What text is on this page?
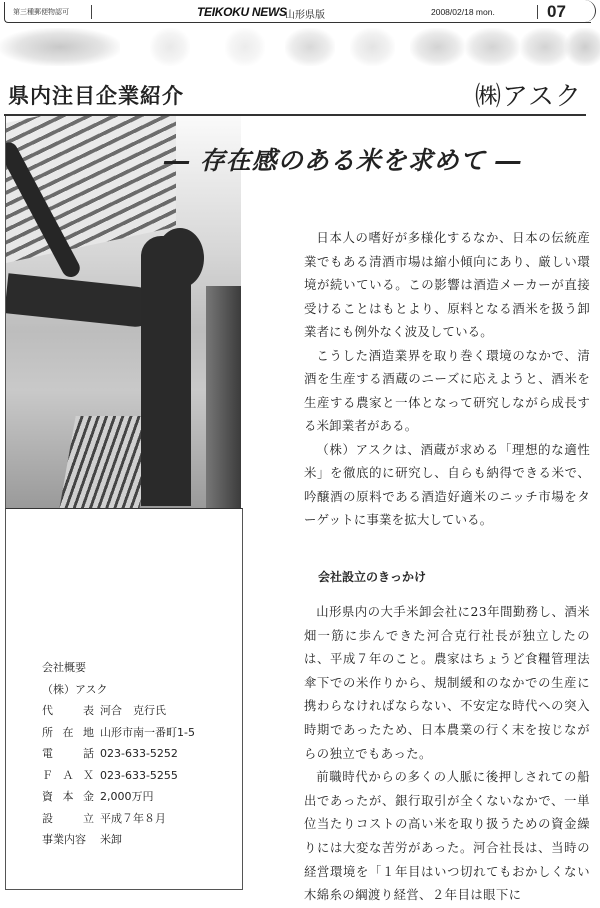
第三種郵便物認可	TEIKOKU NEWS
山形県版	2008/02/18 mon.	07
県内注目企業紹介	㈱アスク
― 存在感のある米を求めて ―

日本人の嗜好が多様化するなか、日本の伝統産業でもある清酒市場は縮小傾向にあり、厳しい環境が続いている。この影響は酒造メーカーが直接受けることはもとより、原料となる酒米を扱う卸業者にも例外なく波及している。

こうした酒造業界を取り巻く環境のなかで、清酒を生産する酒蔵のニーズに応えようと、酒米を生産する農家と一体となって研究しながら成長する米卸業者がある。

（株）アスクは、酒蔵が求める「理想的な適性米」を徹底的に研究し、自らも納得できる米で、吟醸酒の原料である酒造好適米のニッチ市場をターゲットに事業を拡大している。

会社設立のきっかけ

山形県内の大手米卸会社に23年間勤務し、酒米畑一筋に歩んできた河合克行社長が独立したのは、平成７年のこと。農家はちょうど食糧管理法傘下での米作りから、規制緩和のなかでの生産に携わらなければならない、不安定な時代への突入時期であったため、日本農業の行く末を按じながらの独立でもあった。

前職時代からの多くの人脈に後押しされての船出であったが、銀行取引が全くないなかで、一単位当たりコストの高い米を取り扱うための資金繰りには大変な苦労があった。河合社長は、当時の経営環境を「１年目はいつ切れてもおかしくない木綿糸の綱渡り経営、２年目は眼下に

会社概要
（株）アスク
代	表 河合　克行氏
所 在 地 山形市南一番町1-5
電	話 023-633-5252
Ｆ Ａ Ｘ 023-633-5255
資 本 金 2,000万円
設	立 平成７年８月
事業内容 米卸
